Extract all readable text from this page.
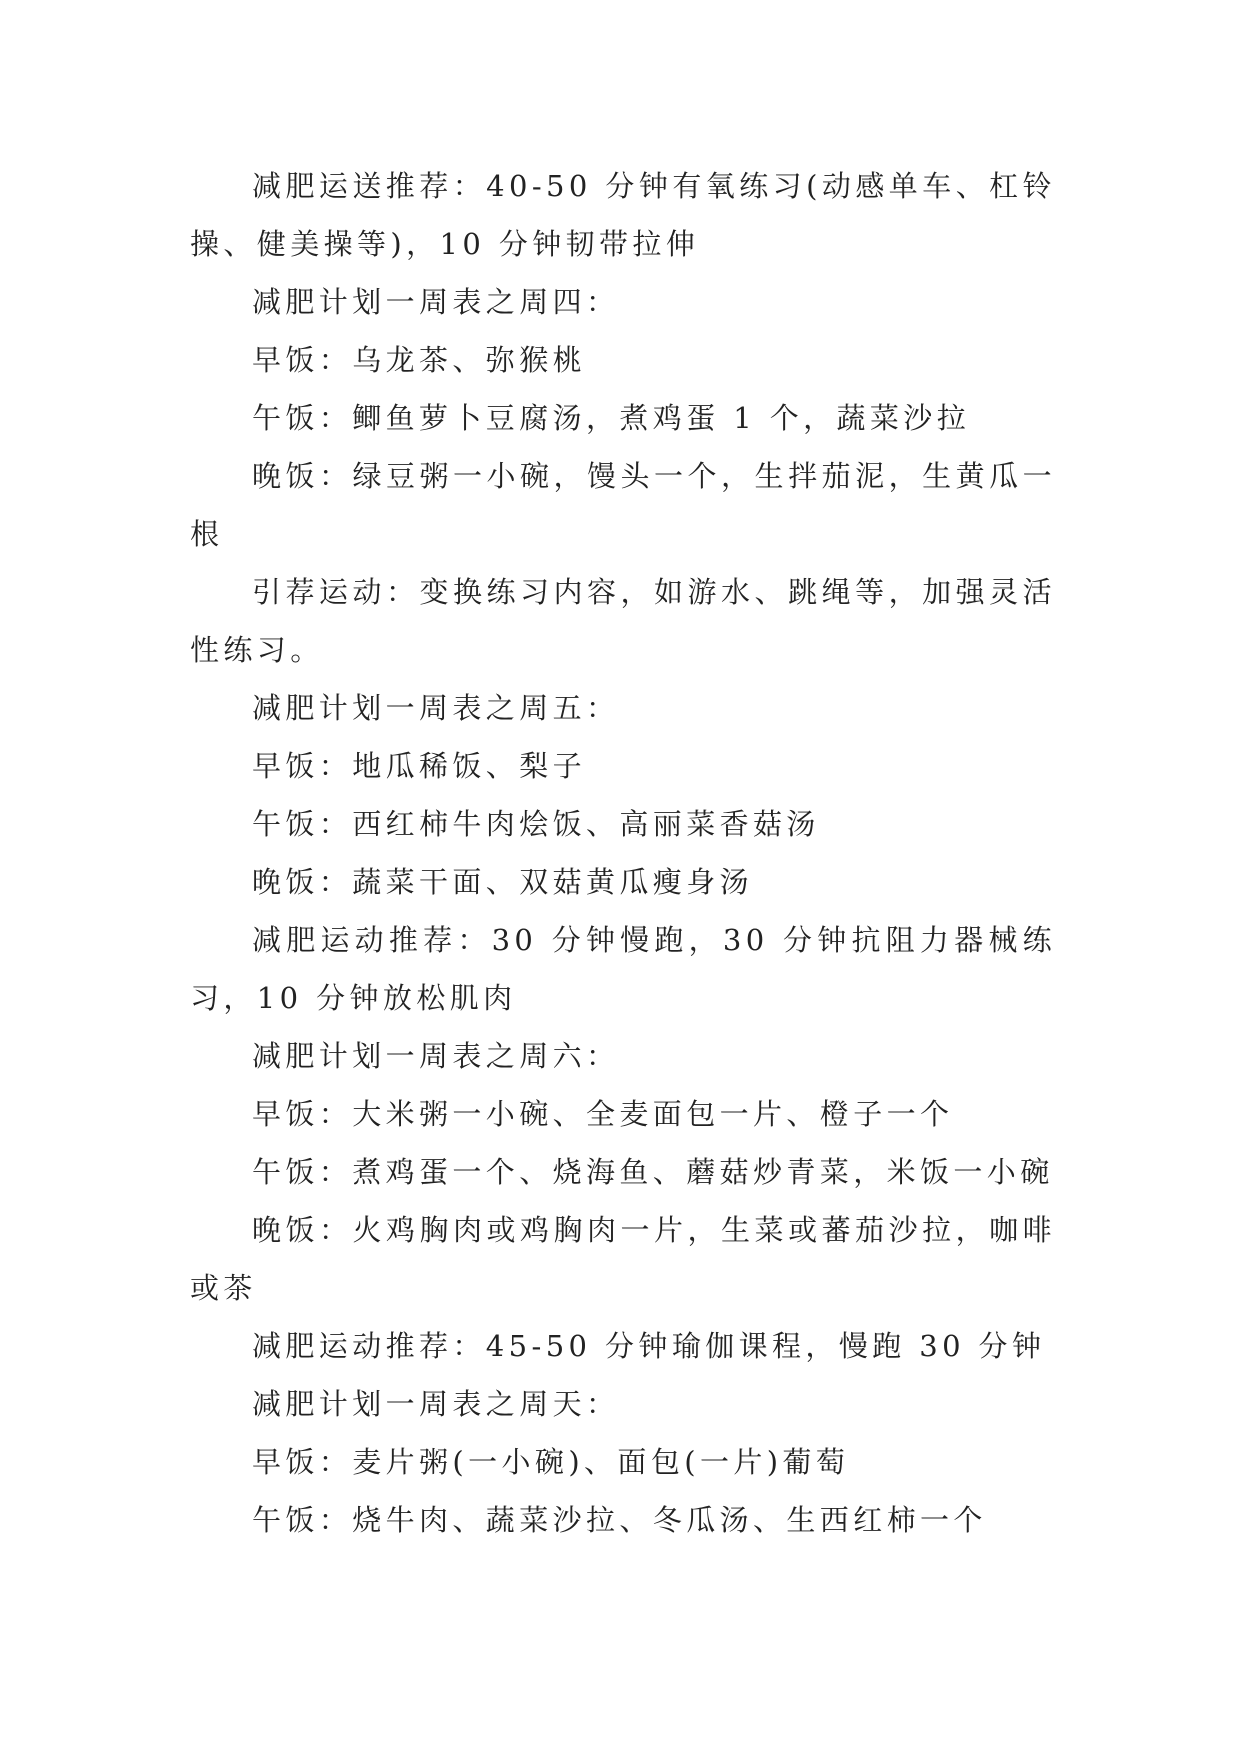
减肥运送推荐：40-50 分钟有氧练习(动感单车、杠铃操、健美操等)，10 分钟韧带拉伸

减肥计划一周表之周四：

早饭：乌龙茶、弥猴桃

午饭：鲫鱼萝卜豆腐汤，煮鸡蛋 1 个，蔬菜沙拉

晚饭：绿豆粥一小碗，馒头一个，生拌茄泥，生黄瓜一根

引荐运动：变换练习内容，如游水、跳绳等，加强灵活性练习。

减肥计划一周表之周五：

早饭：地瓜稀饭、梨子

午饭：西红柿牛肉烩饭、高丽菜香菇汤

晚饭：蔬菜干面、双菇黄瓜瘦身汤

减肥运动推荐：30 分钟慢跑，30 分钟抗阻力器械练习，10 分钟放松肌肉

减肥计划一周表之周六：

早饭：大米粥一小碗、全麦面包一片、橙子一个

午饭：煮鸡蛋一个、烧海鱼、蘑菇炒青菜，米饭一小碗

晚饭：火鸡胸肉或鸡胸肉一片，生菜或蕃茄沙拉，咖啡或茶

减肥运动推荐：45-50 分钟瑜伽课程，慢跑 30 分钟

减肥计划一周表之周天：

早饭：麦片粥(一小碗)、面包(一片)葡萄

午饭：烧牛肉、蔬菜沙拉、冬瓜汤、生西红柿一个
